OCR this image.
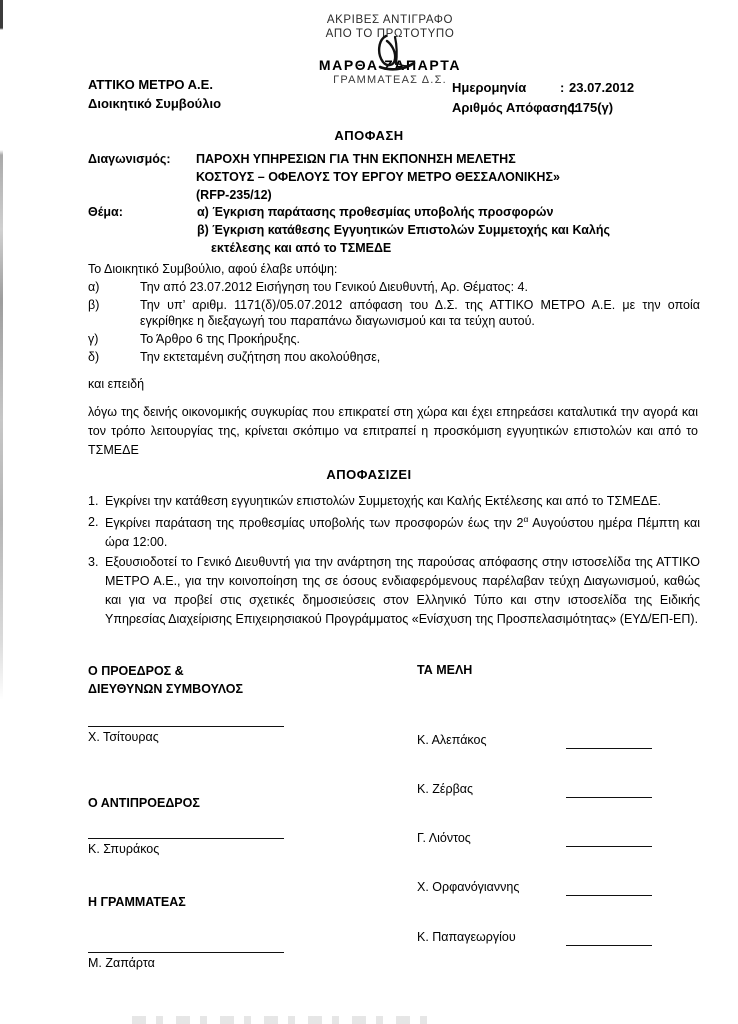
ΑΚΡΙΒΕΣ ΑΝΤΙΓΡΑΦΟ
ΑΠΟ ΤΟ ΠΡΩΤΟΤΥΠΟ
ΜΑΡΘΑ ΖΑΠΑΡΤΑ
ΓΡΑΜΜΑΤΕΑΣ Δ.Σ.
ΑΤΤΙΚΟ ΜΕΤΡΟ Α.Ε.
Διοικητικό Συμβούλιο
Ημερομηνία	: 23.07.2012
Αριθμός Απόφασης:
1175(γ)
ΑΠΟΦΑΣΗ
Διαγωνισμός: ΠΑΡΟΧΗ ΥΠΗΡΕΣΙΩΝ ΓΙΑ ΤΗΝ ΕΚΠΟΝΗΣΗ ΜΕΛΕΤΗΣ
ΚΟΣΤΟΥΣ – ΟΦΕΛΟΥΣ ΤΟΥ ΕΡΓΟΥ ΜΕΤΡΟ ΘΕΣΣΑΛΟΝΙΚΗΣ»
(RFP-235/12)
Θέμα:	α) Έγκριση παράτασης προθεσμίας υποβολής προσφορών
β) Έγκριση κατάθεσης Εγγυητικών Επιστολών Συμμετοχής και Καλής
εκτέλεσης και από το ΤΣΜΕΔΕ
Το Διοικητικό Συμβούλιο, αφού έλαβε υπόψη:
α)	Την από 23.07.2012 Εισήγηση του Γενικού Διευθυντή, Αρ. Θέματος: 4.
β)	Την υπ’ αριθμ. 1171(δ)/05.07.2012 απόφαση του Δ.Σ. της ΑΤΤΙΚΟ ΜΕΤΡΟ Α.Ε. με την οποία εγκρίθηκε η διεξαγωγή του παραπάνω διαγωνισμού και τα τεύχη αυτού.
γ)	Το Άρθρο 6 της Προκήρυξης.
δ)	Την εκτεταμένη συζήτηση που ακολούθησε,
και επειδή
λόγω της δεινής οικονομικής συγκυρίας που επικρατεί στη χώρα και έχει επηρεάσει καταλυτικά την αγορά και τον τρόπο λειτουργίας της, κρίνεται σκόπιμο να επιτραπεί η προσκόμιση εγγυητικών επιστολών και από το ΤΣΜΕΔΕ
ΑΠΟΦΑΣΙΖΕΙ
1. Εγκρίνει την κατάθεση εγγυητικών επιστολών Συμμετοχής και Καλής Εκτέλεσης και από το ΤΣΜΕΔΕ.
2. Εγκρίνει παράταση της προθεσμίας υποβολής των προσφορών έως την $2^\alpha$ Αυγούστου ημέρα Πέμπτη και ώρα 12:00.
3. Εξουσιοδοτεί το Γενικό Διευθυντή για την ανάρτηση της παρούσας απόφασης στην ιστοσελίδα της ΑΤΤΙΚΟ ΜΕΤΡΟ Α.Ε., για την κοινοποίηση της σε όσους ενδιαφερόμενους παρέλαβαν τεύχη Διαγωνισμού, καθώς και για να προβεί στις σχετικές δημοσιεύσεις στον Ελληνικό Τύπο και στην ιστοσελίδα της Ειδικής Υπηρεσίας Διαχείρισης Επιχειρησιακού Προγράμματος «Ενίσχυση της Προσπελασιμότητας» (ΕΥΔ/ΕΠ-ΕΠ).
Ο ΠΡΟΕΔΡΟΣ &
ΔΙΕΥΘΥΝΩΝ ΣΥΜΒΟΥΛΟΣ
Χ. Τσίτουρας
Ο ΑΝΤΙΠΡΟΕΔΡΟΣ
Κ. Σπυράκος
Η ΓΡΑΜΜΑΤΕΑΣ
Μ. Ζαπάρτα
ΤΑ ΜΕΛΗ
Κ. Αλεπάκος
Κ. Ζέρβας
Γ. Λιόντος
Χ. Ορφανόγιαννης
Κ. Παπαγεωργίου
